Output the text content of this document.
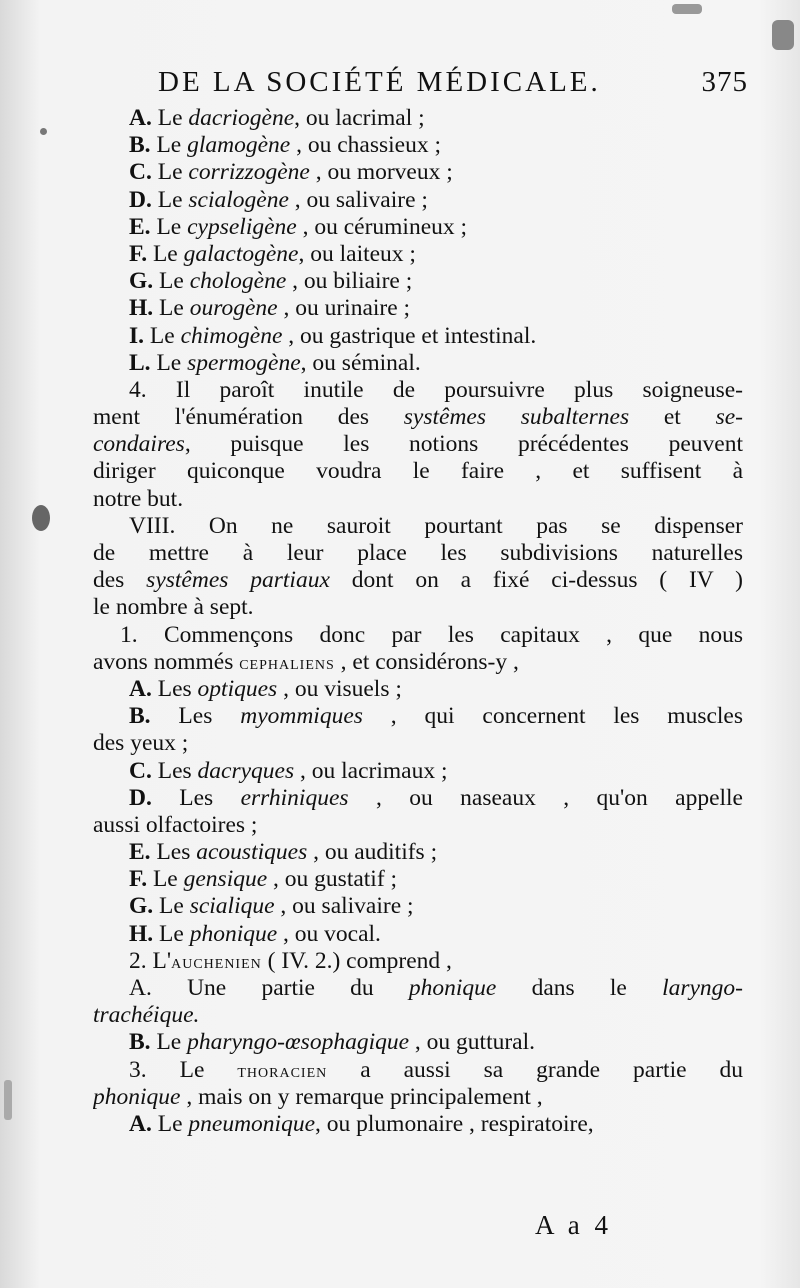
DE LA SOCIÉTÉ MÉDICALE.	375
A. Le dacriogène, ou lacrimal ;
B. Le glamogène , ou chassieux ;
C. Le corrizzogène , ou morveux ;
D. Le scialogène , ou salivaire ;
E. Le cypseligène , ou cérumineux ;
F. Le galactogène, ou laiteux ;
G. Le chologène , ou biliaire ;
H. Le ourogène , ou urinaire ;
I. Le chimogène , ou gastrique et intestinal.
L. Le spermogène, ou séminal.
4. Il paroît inutile de poursuivre plus soigneuse-
ment l'énumération des systêmes subalternes et se-
condaires, puisque les notions précédentes peuvent
diriger quiconque voudra le faire , et suffisent à
notre but.
VIII. On ne sauroit pourtant pas se dispenser
de mettre à leur place les subdivisions naturelles
des systêmes partiaux dont on a fixé ci-dessus ( IV )
le nombre à sept.
1. Commençons donc par les capitaux , que nous
avons nommés cephaliens , et considérons-y ,
A. Les optiques , ou visuels ;
B. Les myommiques , qui concernent les muscles
des yeux ;
C. Les dacryques , ou lacrimaux ;
D. Les errhiniques , ou naseaux , qu'on appelle
aussi olfactoires ;
E. Les acoustiques , ou auditifs ;
F. Le gensique , ou gustatif ;
G. Le scialique , ou salivaire ;
H. Le phonique , ou vocal.
2. L'auchenien ( IV. 2.) comprend ,
A. Une partie du phonique dans le laryngo-
trachéique.
B. Le pharyngo-œsophagique , ou guttural.
3. Le thoracien a aussi sa grande partie du
phonique , mais on y remarque principalement ,
A. Le pneumonique, ou plumonaire , respiratoire,
A a 4
